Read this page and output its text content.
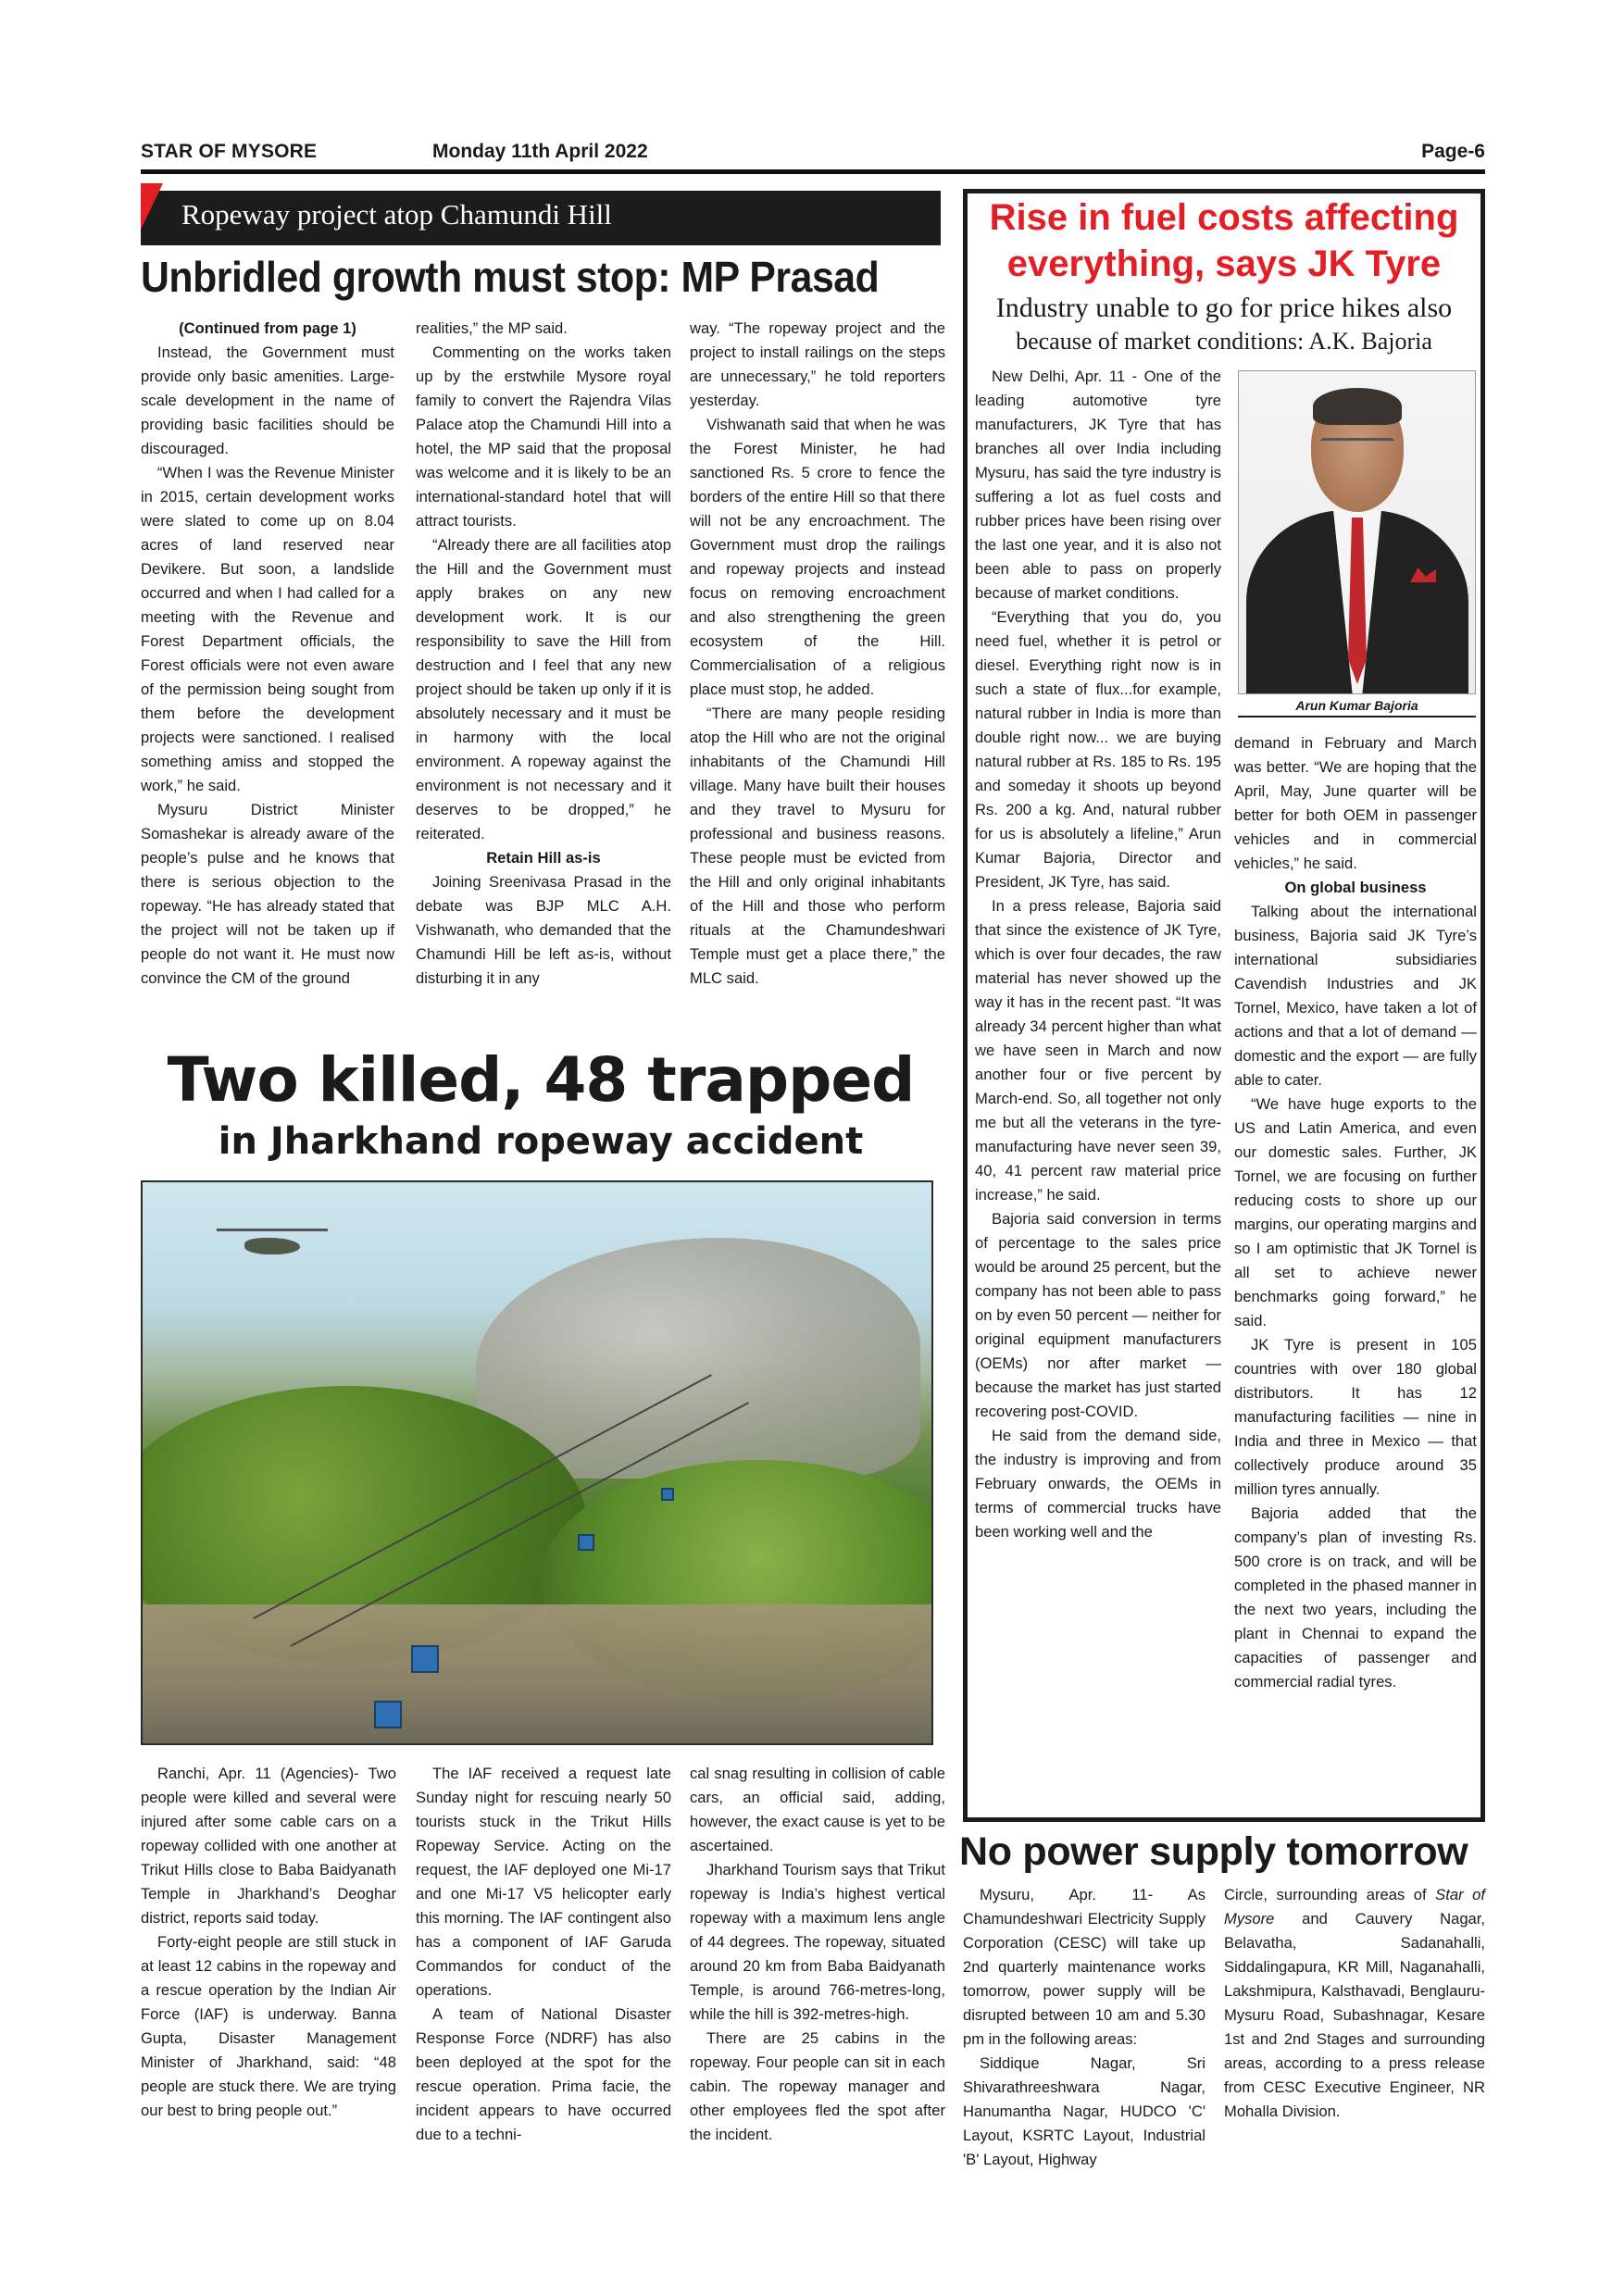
STAR OF MYSORE	Monday 11th April 2022	Page-6
Ropeway project atop Chamundi Hill
Unbridled growth must stop: MP Prasad

(Continued from page 1)

Instead, the Government must provide only basic amenities. Large-scale development in the name of providing basic facilities should be discouraged.

“When I was the Revenue Minister in 2015, certain development works were slated to come up on 8.04 acres of land reserved near Devikere. But soon, a landslide occurred and when I had called for a meeting with the Revenue and Forest Department officials, the Forest officials were not even aware of the permission being sought from them before the development projects were sanctioned. I realised something amiss and stopped the work,” he said.

Mysuru District Minister Somashekar is already aware of the people’s pulse and he knows that there is serious objection to the ropeway. “He has already stated that the project will not be taken up if people do not want it. He must now convince the CM of the ground

realities,” the MP said.

Commenting on the works taken up by the erstwhile Mysore royal family to convert the Rajendra Vilas Palace atop the Chamundi Hill into a hotel, the MP said that the proposal was welcome and it is likely to be an international-standard hotel that will attract tourists.

“Already there are all facilities atop the Hill and the Government must apply brakes on any new development work. It is our responsibility to save the Hill from destruction and I feel that any new project should be taken up only if it is absolutely necessary and it must be in harmony with the local environment. A ropeway against the environment is not necessary and it deserves to be dropped,” he reiterated.

Retain Hill as-is

Joining Sreenivasa Prasad in the debate was BJP MLC A.H. Vishwanath, who demanded that the Chamundi Hill be left as-is, without disturbing it in any

way. “The ropeway project and the project to install railings on the steps are unnecessary,” he told reporters yesterday.

Vishwanath said that when he was the Forest Minister, he had sanctioned Rs. 5 crore to fence the borders of the entire Hill so that there will not be any encroachment. The Government must drop the railings and ropeway projects and instead focus on removing encroachment and also strengthening the green ecosystem of the Hill. Commercialisation of a religious place must stop, he added.

“There are many people residing atop the Hill who are not the original inhabitants of the Chamundi Hill village. Many have built their houses and they travel to Mysuru for professional and business reasons. These people must be evicted from the Hill and only original inhabitants of the Hill and those who perform rituals at the Chamundeshwari Temple must get a place there,” the MLC said.

Two killed, 48 trapped
in Jharkhand ropeway accident

Ranchi, Apr. 11 (Agencies)- Two people were killed and several were injured after some cable cars on a ropeway collided with one another at Trikut Hills close to Baba Baidyanath Temple in Jharkhand’s Deoghar district, reports said today.

Forty-eight people are still stuck in at least 12 cabins in the ropeway and a rescue operation by the Indian Air Force (IAF) is underway. Banna Gupta, Disaster Management Minister of Jharkhand, said: “48 people are stuck there. We are trying our best to bring people out.”

The IAF received a request late Sunday night for rescuing nearly 50 tourists stuck in the Trikut Hills Ropeway Service. Acting on the request, the IAF deployed one Mi-17 and one Mi-17 V5 helicopter early this morning. The IAF contingent also has a component of IAF Garuda Commandos for conduct of the operations.

A team of National Disaster Response Force (NDRF) has also been deployed at the spot for the rescue operation. Prima facie, the incident appears to have occurred due to a techni-

cal snag resulting in collision of cable cars, an official said, adding, however, the exact cause is yet to be ascertained.

Jharkhand Tourism says that Trikut ropeway is India’s highest vertical ropeway with a maximum lens angle of 44 degrees. The ropeway, situated around 20 km from Baba Baidyanath Temple, is around 766-metres-long, while the hill is 392-metres-high.

There are 25 cabins in the ropeway. Four people can sit in each cabin. The ropeway manager and other employees fled the spot after the incident.

Rise in fuel costs affecting everything, says JK Tyre
Industry unable to go for price hikes also
because of market conditions: A.K. Bajoria
Arun Kumar Bajoria

New Delhi, Apr. 11 - One of the leading automotive tyre manufacturers, JK Tyre that has branches all over India including Mysuru, has said the tyre industry is suffering a lot as fuel costs and rubber prices have been rising over the last one year, and it is also not been able to pass on properly because of market conditions.

“Everything that you do, you need fuel, whether it is petrol or diesel. Everything right now is in such a state of flux...for example, natural rubber in India is more than double right now... we are buying natural rubber at Rs. 185 to Rs. 195 and someday it shoots up beyond Rs. 200 a kg. And, natural rubber for us is absolutely a lifeline,” Arun Kumar Bajoria, Director and President, JK Tyre, has said.

In a press release, Bajoria said that since the existence of JK Tyre, which is over four decades, the raw material has never showed up the way it has in the recent past. “It was already 34 percent higher than what we have seen in March and now another four or five percent by March-end. So, all together not only me but all the veterans in the tyre-manufacturing have never seen 39, 40, 41 percent raw material price increase,” he said.

Bajoria said conversion in terms of percentage to the sales price would be around 25 percent, but the company has not been able to pass on by even 50 percent — neither for original equipment manufacturers (OEMs) nor after market — because the market has just started recovering post-COVID.

He said from the demand side, the industry is improving and from February onwards, the OEMs in terms of commercial trucks have been working well and the

demand in February and March was better. “We are hoping that the April, May, June quarter will be better for both OEM in passenger vehicles and in commercial vehicles,” he said.

On global business

Talking about the international business, Bajoria said JK Tyre’s international subsidiaries Cavendish Industries and JK Tornel, Mexico, have taken a lot of actions and that a lot of demand — domestic and the export — are fully able to cater.

“We have huge exports to the US and Latin America, and even our domestic sales. Further, JK Tornel, we are focusing on further reducing costs to shore up our margins, our operating margins and so I am optimistic that JK Tornel is all set to achieve newer benchmarks going forward,” he said.

JK Tyre is present in 105 countries with over 180 global distributors. It has 12 manufacturing facilities — nine in India and three in Mexico — that collectively produce around 35 million tyres annually.

Bajoria added that the company’s plan of investing Rs. 500 crore is on track, and will be completed in the phased manner in the next two years, including the plant in Chennai to expand the capacities of passenger and commercial radial tyres.

No power supply tomorrow

Mysuru, Apr. 11- As Chamundeshwari Electricity Supply Corporation (CESC) will take up 2nd quarterly maintenance works tomorrow, power supply will be disrupted between 10 am and 5.30 pm in the following areas:

Siddique Nagar, Sri Shivarathreeshwara Nagar, Hanumantha Nagar, HUDCO 'C' Layout, KSRTC Layout, Industrial 'B' Layout, Highway

Circle, surrounding areas of Star of Mysore and Cauvery Nagar, Belavatha, Sadanahalli, Siddalingapura, KR Mill, Naganahalli, Lakshmipura, Kalsthavadi, Benglauru-Mysuru Road, Subashnagar, Kesare 1st and 2nd Stages and surrounding areas, according to a press release from CESC Executive Engineer, NR Mohalla Division.
